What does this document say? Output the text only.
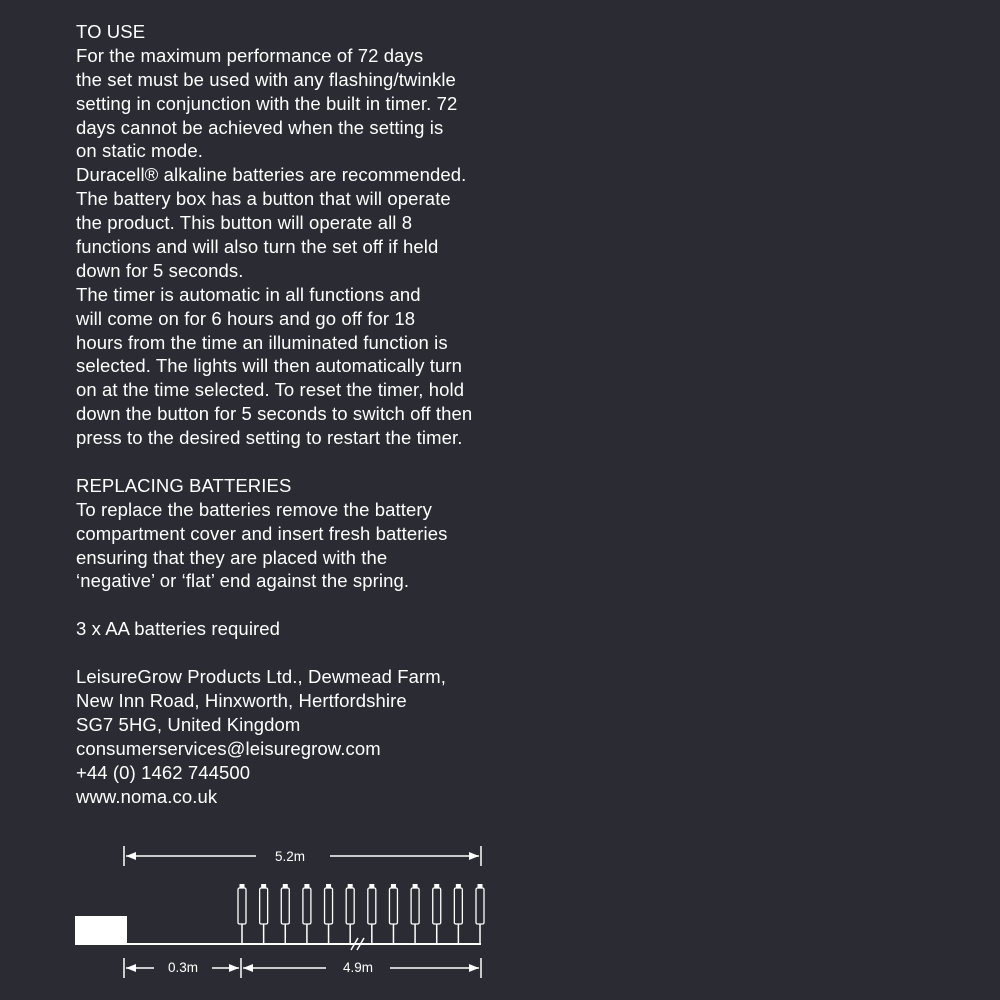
TO USE
For the maximum performance of 72 days
the set must be used with any flashing/twinkle
setting in conjunction with the built in timer. 72
days cannot be achieved when the setting is
on static mode.
Duracell® alkaline batteries are recommended.
The battery box has a button that will operate
the product. This button will operate all 8
functions and will also turn the set off if held
down for 5 seconds.
The timer is automatic in all functions and
will come on for 6 hours and go off for 18
hours from the time an illuminated function is
selected. The lights will then automatically turn
on at the time selected. To reset the timer, hold
down the button for 5 seconds to switch off then
press to the desired setting to restart the timer.
REPLACING BATTERIES
To replace the batteries remove the battery
compartment cover and insert fresh batteries
ensuring that they are placed with the
‘negative’ or ‘flat’ end against the spring.
3 x AA batteries required
LeisureGrow Products Ltd., Dewmead Farm,
New Inn Road, Hinxworth, Hertfordshire
SG7 5HG, United Kingdom
consumerservices@leisuregrow.com
+44 (0) 1462 744500
www.noma.co.uk
5.2m
0.3m	4.9m
